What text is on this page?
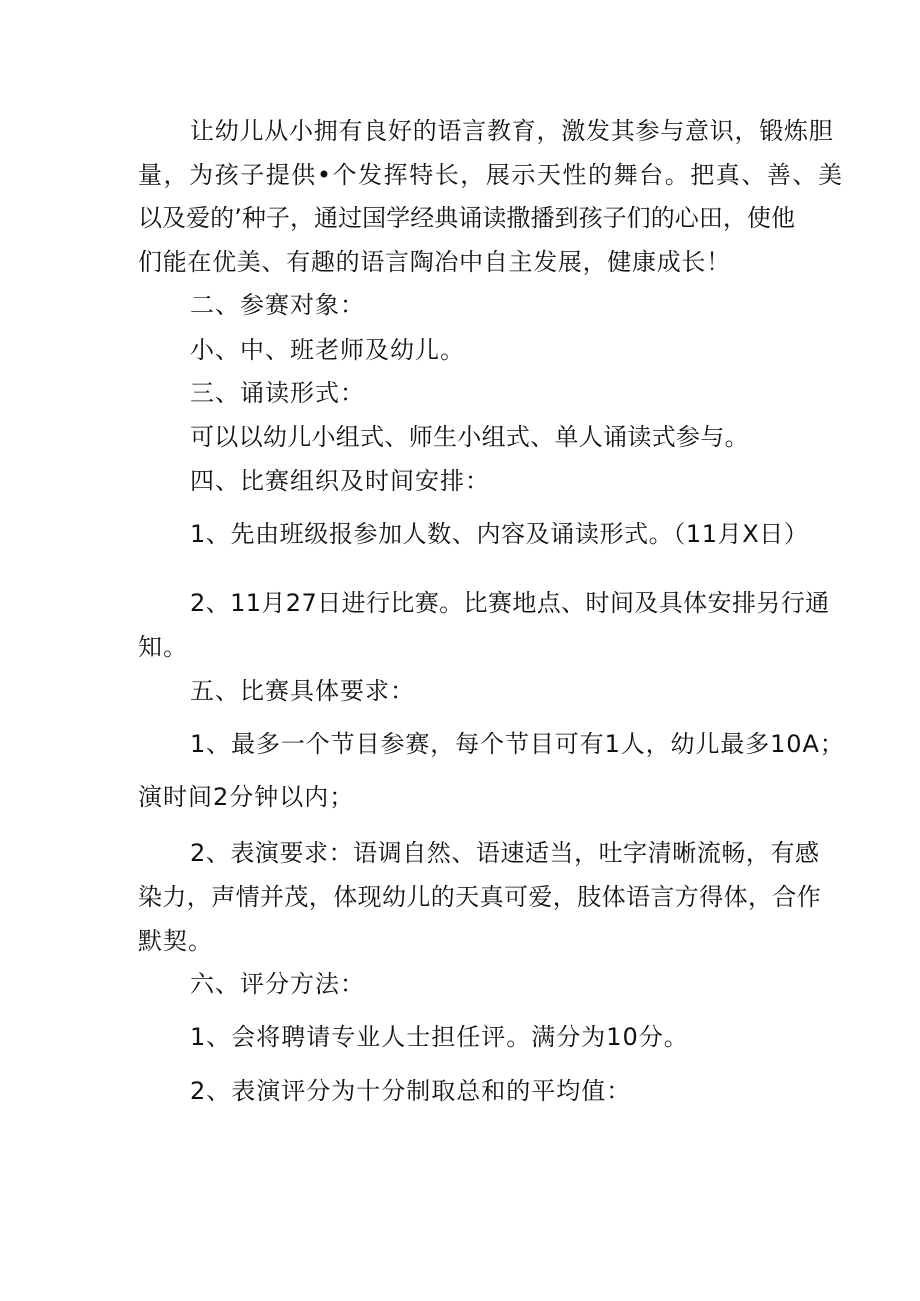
让幼儿从小拥有良好的语言教育，激发其参与意识，锻炼胆
量，为孩子提供•个发挥特长，展示天性的舞台。把真、善、美
以及爱的’种子，通过国学经典诵读撒播到孩子们的心田，使他
们能在优美、有趣的语言陶冶中自主发展，健康成长！
二、参赛对象：
小、中、班老师及幼儿。
三、诵读形式：
可以以幼儿小组式、师生小组式、单人诵读式参与。
四、比赛组织及时间安排：
1、先由班级报参加人数、内容及诵读形式。（11月X日）
2、11月27日进行比赛。比赛地点、时间及具体安排另行通
知。
五、比赛具体要求：
1、最多一个节目参赛，每个节目可有1人，幼儿最多10A；
演时间2分钟以内；
2、表演要求：语调自然、语速适当，吐字清晰流畅，有感
染力，声情并茂，体现幼儿的天真可爱，肢体语言方得体，合作
默契。
六、评分方法：
1、会将聘请专业人士担任评。满分为10分。
2、表演评分为十分制取总和的平均值：
